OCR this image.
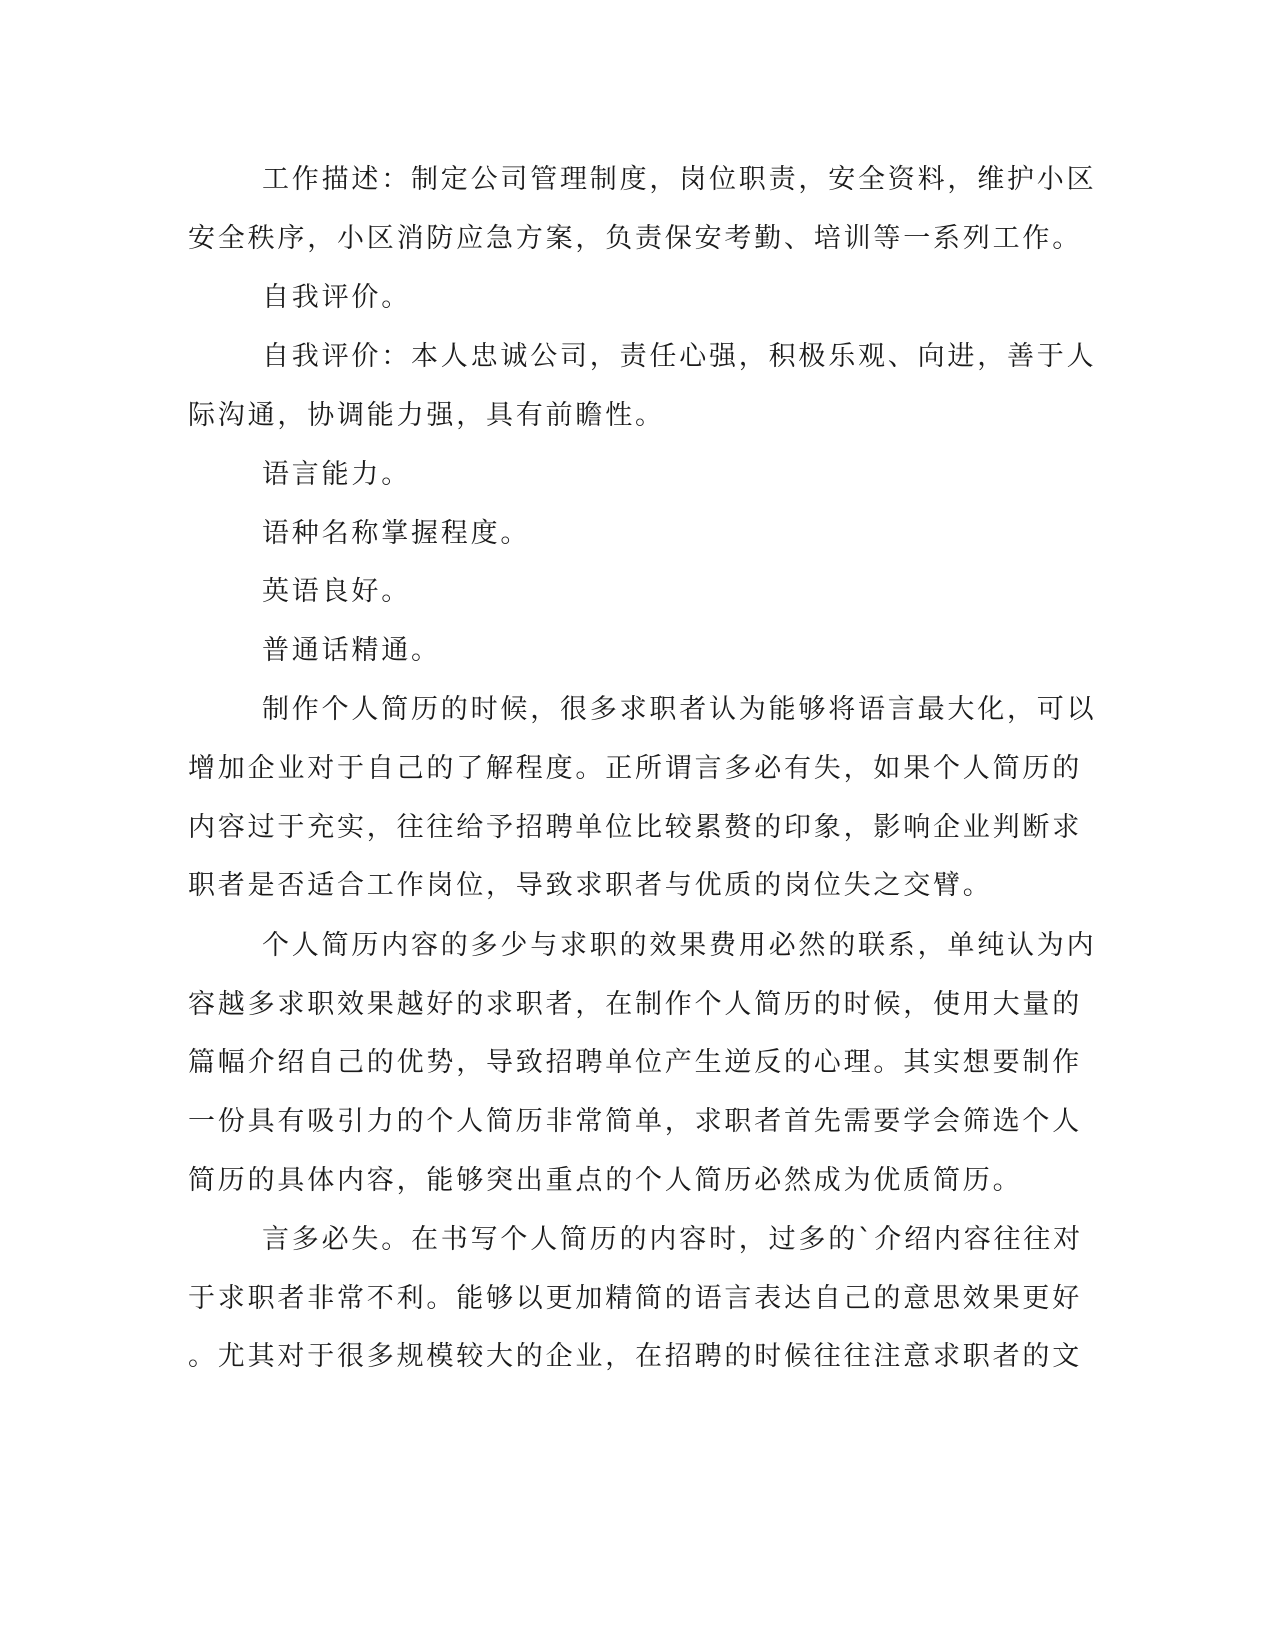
工作描述：制定公司管理制度，岗位职责，安全资料，维护小区

安全秩序，小区消防应急方案，负责保安考勤、培训等一系列工作。

自我评价。

自我评价：本人忠诚公司，责任心强，积极乐观、向进，善于人

际沟通，协调能力强，具有前瞻性。

语言能力。

语种名称掌握程度。

英语良好。

普通话精通。

制作个人简历的时候，很多求职者认为能够将语言最大化，可以

增加企业对于自己的了解程度。正所谓言多必有失，如果个人简历的

内容过于充实，往往给予招聘单位比较累赘的印象，影响企业判断求

职者是否适合工作岗位，导致求职者与优质的岗位失之交臂。

个人简历内容的多少与求职的效果费用必然的联系，单纯认为内

容越多求职效果越好的求职者，在制作个人简历的时候，使用大量的

篇幅介绍自己的优势，导致招聘单位产生逆反的心理。其实想要制作

一份具有吸引力的个人简历非常简单，求职者首先需要学会筛选个人

简历的具体内容，能够突出重点的个人简历必然成为优质简历。

言多必失。在书写个人简历的内容时，过多的`介绍内容往往对

于求职者非常不利。能够以更加精简的语言表达自己的意思效果更好

。尤其对于很多规模较大的企业，在招聘的时候往往注意求职者的文
